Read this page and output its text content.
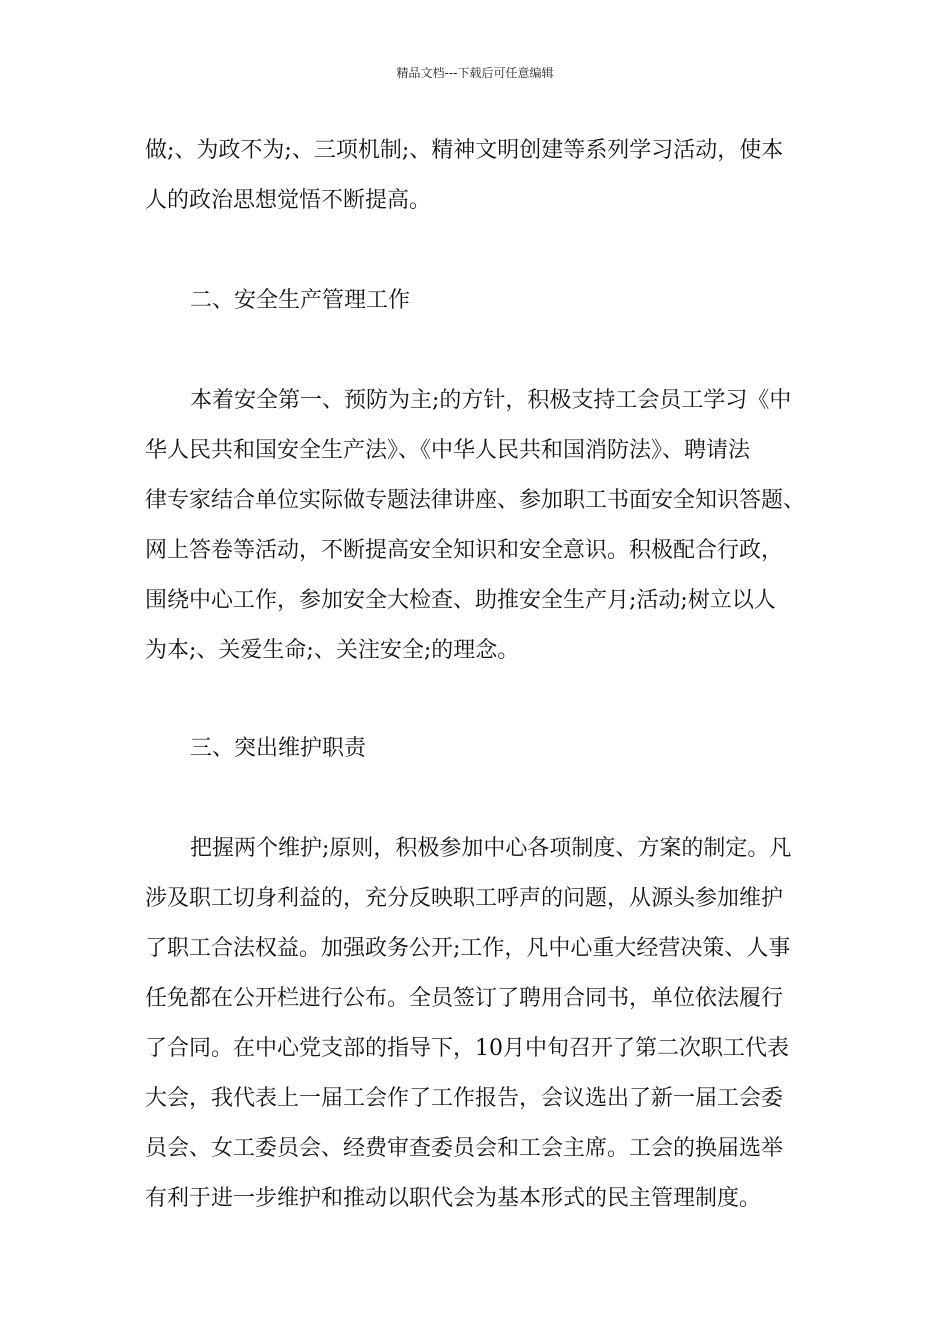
精品文档---下载后可任意编辑
做;、为政不为;、三项机制;、精神文明创建等系列学习活动，使本
人的政治思想觉悟不断提高。
二、安全生产管理工作
本着安全第一、预防为主;的方针，积极支持工会员工学习《中
华人民共和国安全生产法》、《中华人民共和国消防法》、聘请法
律专家结合单位实际做专题法律讲座、参加职工书面安全知识答题、
网上答卷等活动，不断提高安全知识和安全意识。积极配合行政，
围绕中心工作，参加安全大检查、助推安全生产月;活动;树立以人
为本;、关爱生命;、关注安全;的理念。
三、突出维护职责
把握两个维护;原则，积极参加中心各项制度、方案的制定。凡
涉及职工切身利益的，充分反映职工呼声的问题，从源头参加维护
了职工合法权益。加强政务公开;工作，凡中心重大经营决策、人事
任免都在公开栏进行公布。全员签订了聘用合同书，单位依法履行
了合同。在中心党支部的指导下，10月中旬召开了第二次职工代表
大会，我代表上一届工会作了工作报告，会议选出了新一届工会委
员会、女工委员会、经费审查委员会和工会主席。工会的换届选举
有利于进一步维护和推动以职代会为基本形式的民主管理制度。
